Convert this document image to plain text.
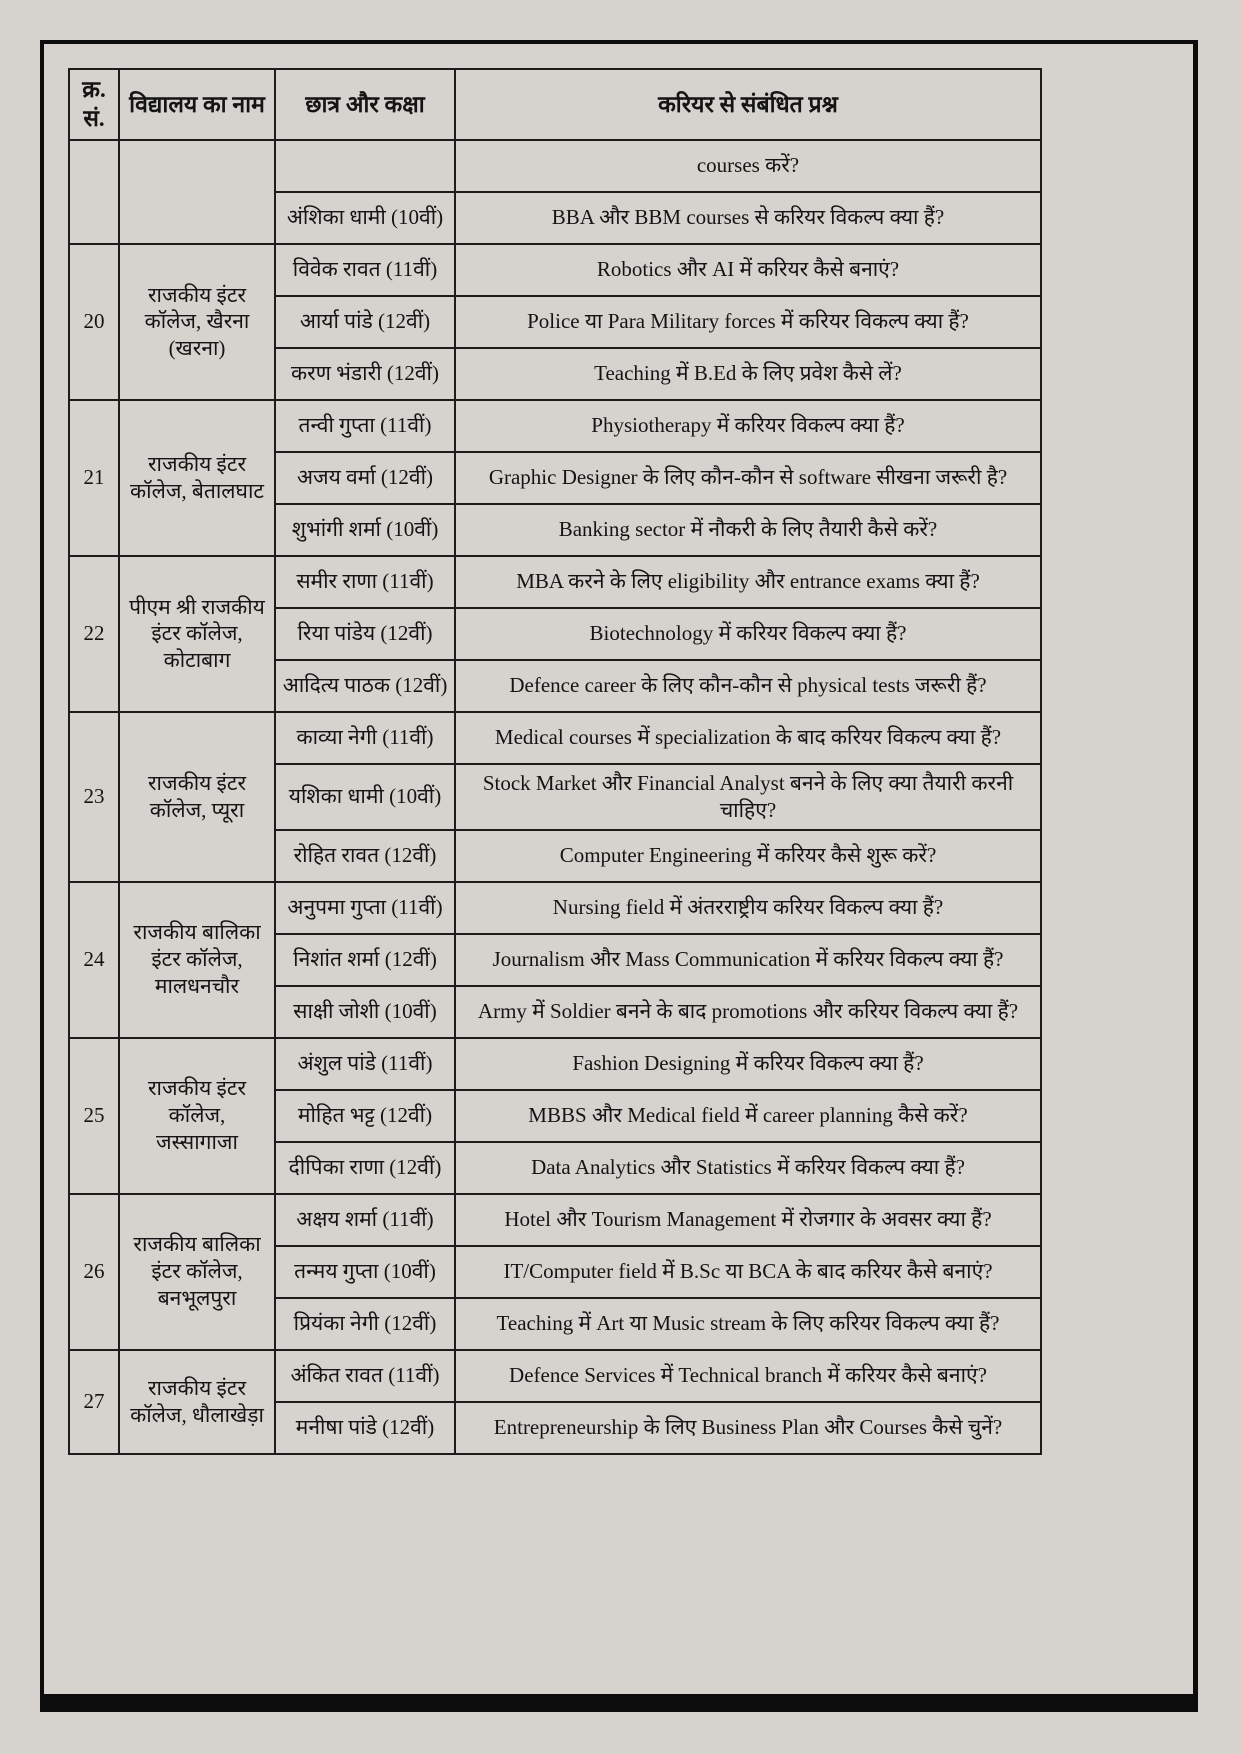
क्र.सं.	विद्यालय का नाम	छात्र और कक्षा	करियर से संबंधित प्रश्न
			courses करें?
		अंशिका धामी (10वीं)	BBA और BBM courses से करियर विकल्प क्या हैं?
20	राजकीय इंटर कॉलेज, खैरना (खरना)	विवेक रावत (11वीं)	Robotics और AI में करियर कैसे बनाएं?
		आर्या पांडे (12वीं)	Police या Para Military forces में करियर विकल्प क्या हैं?
		करण भंडारी (12वीं)	Teaching में B.Ed के लिए प्रवेश कैसे लें?
21	राजकीय इंटर कॉलेज, बेतालघाट	तन्वी गुप्ता (11वीं)	Physiotherapy में करियर विकल्प क्या हैं?
		अजय वर्मा (12वीं)	Graphic Designer के लिए कौन-कौन से software सीखना जरूरी है?
		शुभांगी शर्मा (10वीं)	Banking sector में नौकरी के लिए तैयारी कैसे करें?
22	पीएम श्री राजकीय इंटर कॉलेज, कोटाबाग	समीर राणा (11वीं)	MBA करने के लिए eligibility और entrance exams क्या हैं?
		रिया पांडेय (12वीं)	Biotechnology में करियर विकल्प क्या हैं?
		आदित्य पाठक (12वीं)	Defence career के लिए कौन-कौन से physical tests जरूरी हैं?
23	राजकीय इंटर कॉलेज, प्यूरा	काव्या नेगी (11वीं)	Medical courses में specialization के बाद करियर विकल्प क्या हैं?
		यशिका धामी (10वीं)	Stock Market और Financial Analyst बनने के लिए क्या तैयारी करनी चाहिए?
		रोहित रावत (12वीं)	Computer Engineering में करियर कैसे शुरू करें?
24	राजकीय बालिका इंटर कॉलेज, मालधनचौर	अनुपमा गुप्ता (11वीं)	Nursing field में अंतरराष्ट्रीय करियर विकल्प क्या हैं?
		निशांत शर्मा (12वीं)	Journalism और Mass Communication में करियर विकल्प क्या हैं?
		साक्षी जोशी (10वीं)	Army में Soldier बनने के बाद promotions और करियर विकल्प क्या हैं?
25	राजकीय इंटर कॉलेज, जस्सागाजा	अंशुल पांडे (11वीं)	Fashion Designing में करियर विकल्प क्या हैं?
		मोहित भट्ट (12वीं)	MBBS और Medical field में career planning कैसे करें?
		दीपिका राणा (12वीं)	Data Analytics और Statistics में करियर विकल्प क्या हैं?
26	राजकीय बालिका इंटर कॉलेज, बनभूलपुरा	अक्षय शर्मा (11वीं)	Hotel और Tourism Management में रोजगार के अवसर क्या हैं?
		तन्मय गुप्ता (10वीं)	IT/Computer field में B.Sc या BCA के बाद करियर कैसे बनाएं?
		प्रियंका नेगी (12वीं)	Teaching में Art या Music stream के लिए करियर विकल्प क्या हैं?
27	राजकीय इंटर कॉलेज, धौलाखेड़ा	अंकित रावत (11वीं)	Defence Services में Technical branch में करियर कैसे बनाएं?
		मनीषा पांडे (12वीं)	Entrepreneurship के लिए Business Plan और Courses कैसे चुनें?
